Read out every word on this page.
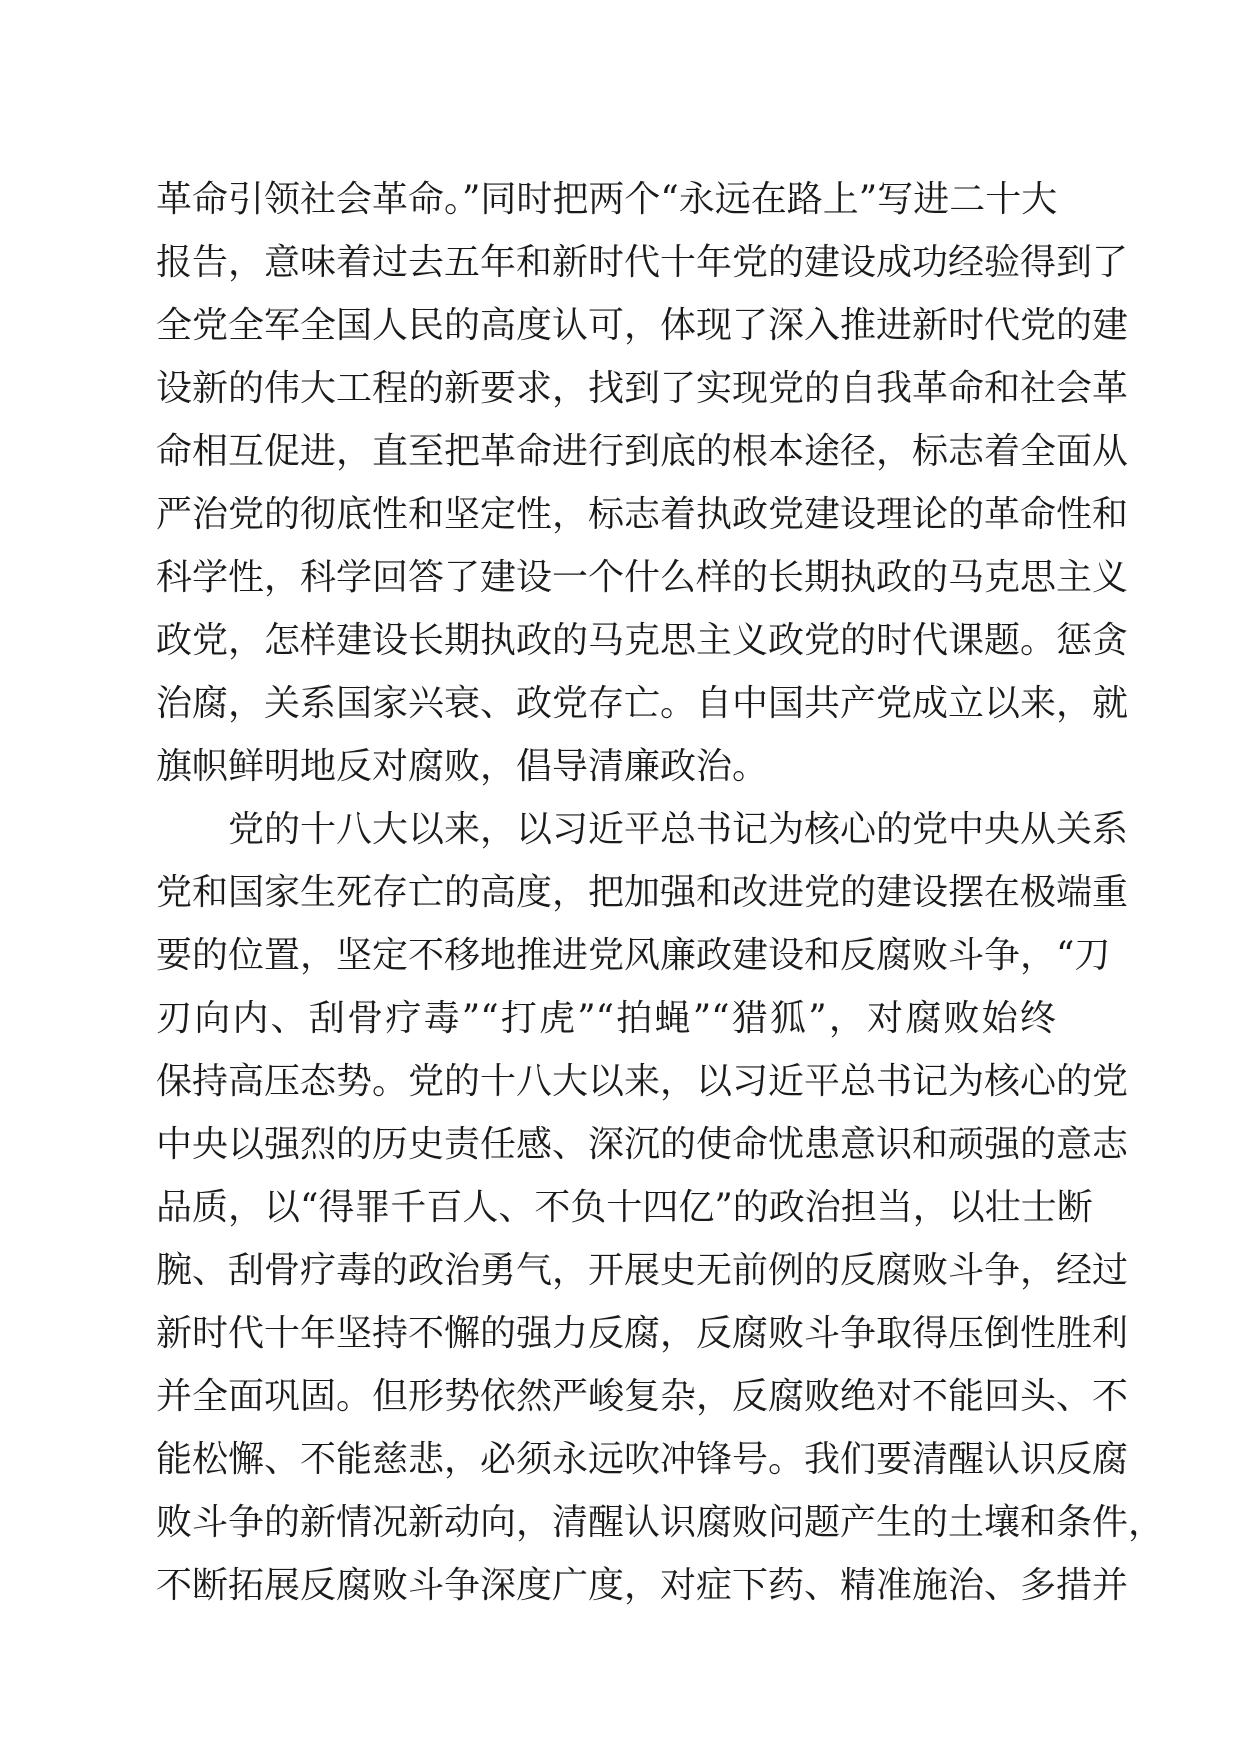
革命引领社会革命。”同时把两个“永远在路上”写进二十大
报告，意味着过去五年和新时代十年党的建设成功经验得到了
全党全军全国人民的高度认可，体现了深入推进新时代党的建
设新的伟大工程的新要求，找到了实现党的自我革命和社会革
命相互促进，直至把革命进行到底的根本途径，标志着全面从
严治党的彻底性和坚定性，标志着执政党建设理论的革命性和
科学性，科学回答了建设一个什么样的长期执政的马克思主义
政党，怎样建设长期执政的马克思主义政党的时代课题。惩贪
治腐，关系国家兴衰、政党存亡。自中国共产党成立以来，就
旗帜鲜明地反对腐败，倡导清廉政治。
党的十八大以来，以习近平总书记为核心的党中央从关系
党和国家生死存亡的高度，把加强和改进党的建设摆在极端重
要的位置，坚定不移地推进党风廉政建设和反腐败斗争，“刀
刃向内、刮骨疗毒”“打虎”“拍蝇”“猎狐”，对腐败始终
保持高压态势。党的十八大以来，以习近平总书记为核心的党
中央以强烈的历史责任感、深沉的使命忧患意识和顽强的意志
品质，以“得罪千百人、不负十四亿”的政治担当，以壮士断
腕、刮骨疗毒的政治勇气，开展史无前例的反腐败斗争，经过
新时代十年坚持不懈的强力反腐，反腐败斗争取得压倒性胜利
并全面巩固。但形势依然严峻复杂，反腐败绝对不能回头、不
能松懈、不能慈悲，必须永远吹冲锋号。我们要清醒认识反腐
败斗争的新情况新动向，清醒认识腐败问题产生的土壤和条件，
不断拓展反腐败斗争深度广度，对症下药、精准施治、多措并
